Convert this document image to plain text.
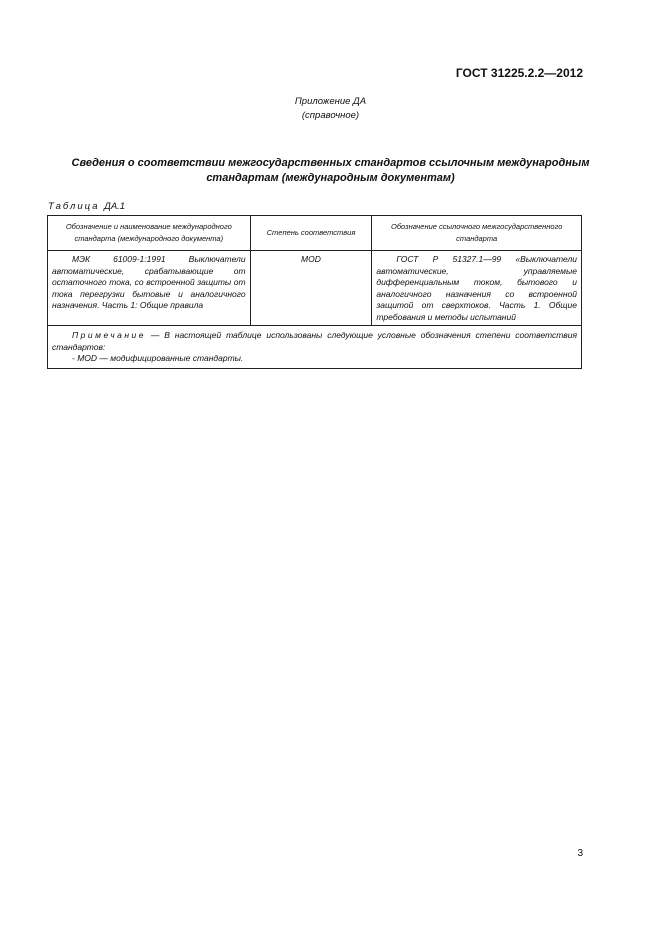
ГОСТ 31225.2.2—2012
Приложение ДА
(справочное)
Сведения о соответствии межгосударственных стандартов ссылочным международным
стандартам (международным документам)
Таблица ДА.1
Обозначение и наименование международного стандарта (международного документа)	Степень соответствия	Обозначение ссылочного межгосударственного стандарта
МЭК 61009-1:1991 Выключатели автоматические, срабатывающие от остаточного тока, со встроенной защиты от тока перегрузки бытовые и аналогичного назначения. Часть 1: Общие правила	MOD	ГОСТ Р 51327.1—99 «Выключатели автоматические, управляемые дифференциальным током, бытового и аналогичного назначения со встроенной защитой от сверхтоков. Часть 1. Общие требования и методы испытаний

Примечание — В настоящей таблице использованы следующие условные обозначения степени соответствия стандартов:
- MOD — модифицированные стандарты.		
3
